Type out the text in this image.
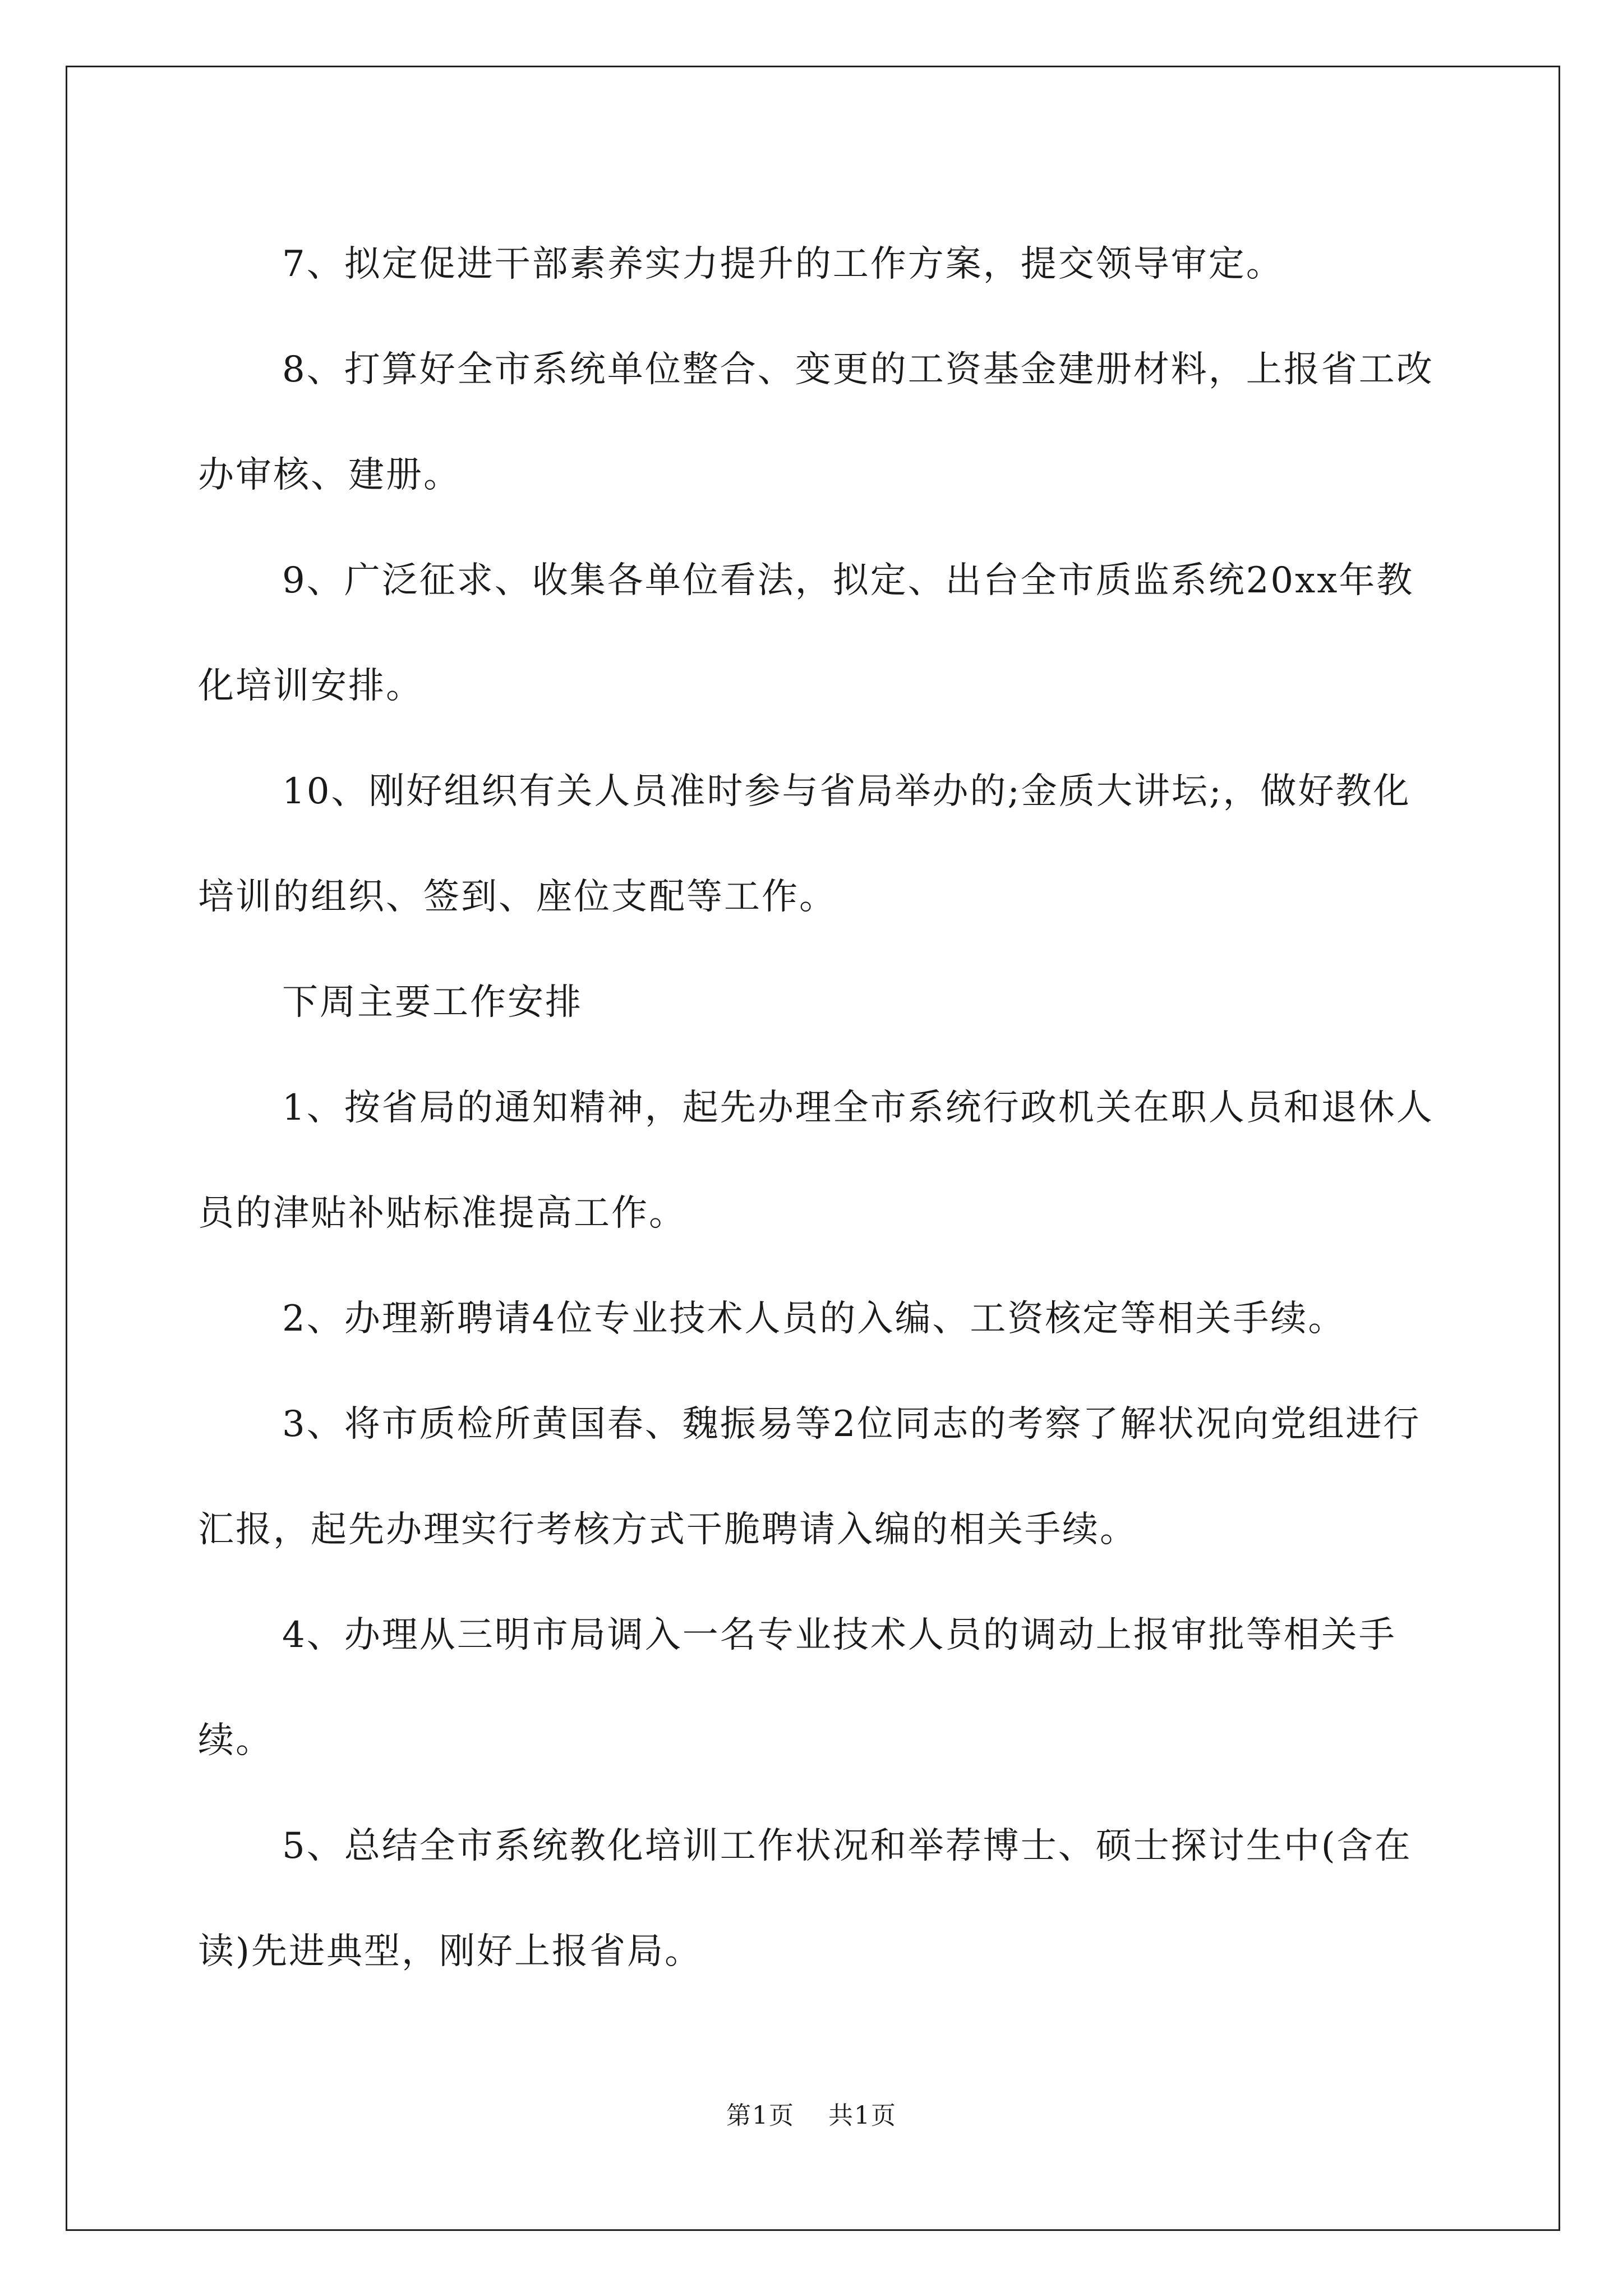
7、拟定促进干部素养实力提升的工作方案，提交领导审定。

8、打算好全市系统单位整合、变更的工资基金建册材料，上报省工改办审核、建册。

9、广泛征求、收集各单位看法，拟定、出台全市质监系统20xx年教化培训安排。

10、刚好组织有关人员准时参与省局举办的;金质大讲坛;，做好教化培训的组织、签到、座位支配等工作。

下周主要工作安排

1、按省局的通知精神，起先办理全市系统行政机关在职人员和退休人员的津贴补贴标准提高工作。

2、办理新聘请4位专业技术人员的入编、工资核定等相关手续。

3、将市质检所黄国春、魏振易等2位同志的考察了解状况向党组进行汇报，起先办理实行考核方式干脆聘请入编的相关手续。

4、办理从三明市局调入一名专业技术人员的调动上报审批等相关手续。

5、总结全市系统教化培训工作状况和举荐博士、硕士探讨生中(含在读)先进典型，刚好上报省局。

第1页 共1页
